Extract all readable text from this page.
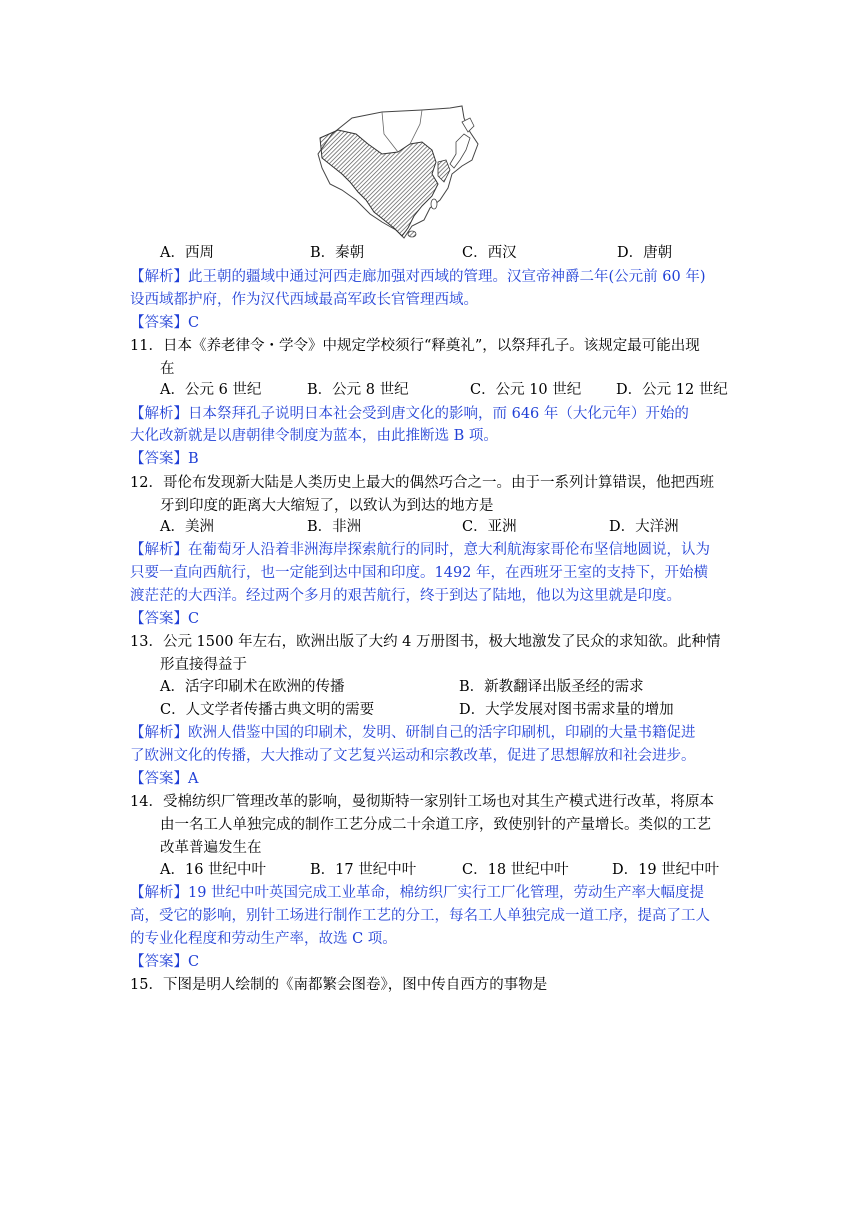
A．西周	B．秦朝	C．西汉	D．唐朝
【解析】此王朝的疆域中通过河西走廊加强对西域的管理。汉宣帝神爵二年(公元前 60 年)
设西域都护府，作为汉代西域最高军政长官管理西域。
【答案】C
11．日本《养老律令・学令》中规定学校须行“释奠礼”，以祭拜孔子。该规定最可能出现
在
A．公元 6 世纪	B．公元 8 世纪	C．公元 10 世纪 D．公元 12 世纪
【解析】日本祭拜孔子说明日本社会受到唐文化的影响，而 646 年（大化元年）开始的
大化改新就是以唐朝律令制度为蓝本，由此推断选 B 项。
【答案】B
12．哥伦布发现新大陆是人类历史上最大的偶然巧合之一。由于一系列计算错误，他把西班
牙到印度的距离大大缩短了，以致认为到达的地方是
A．美洲	B．非洲	C．亚洲	D．大洋洲
【解析】在葡萄牙人沿着非洲海岸探索航行的同时，意大利航海家哥伦布坚信地圆说，认为
只要一直向西航行，也一定能到达中国和印度。1492 年，在西班牙王室的支持下，开始横
渡茫茫的大西洋。经过两个多月的艰苦航行，终于到达了陆地，他以为这里就是印度。
【答案】C
13．公元 1500 年左右，欧洲出版了大约 4 万册图书，极大地激发了民众的求知欲。此种情
形直接得益于
A．活字印刷术在欧洲的传播	B．新教翻译出版圣经的需求
C．人文学者传播古典文明的需要	D．大学发展对图书需求量的增加
【解析】欧洲人借鉴中国的印刷术，发明、研制自己的活字印刷机，印刷的大量书籍促进
了欧洲文化的传播，大大推动了文艺复兴运动和宗教改革，促进了思想解放和社会进步。
【答案】A
14．受棉纺织厂管理改革的影响，曼彻斯特一家别针工场也对其生产模式进行改革，将原本
由一名工人单独完成的制作工艺分成二十余道工序，致使别针的产量增长。类似的工艺
改革普遍发生在
A．16 世纪中叶	B．17 世纪中叶	C．18 世纪中叶	D．19 世纪中叶
【解析】19 世纪中叶英国完成工业革命，棉纺织厂实行工厂化管理，劳动生产率大幅度提
高，受它的影响，别针工场进行制作工艺的分工，每名工人单独完成一道工序，提高了工人
的专业化程度和劳动生产率，故选 C 项。
【答案】C
15．下图是明人绘制的《南都繁会图卷》，图中传自西方的事物是
